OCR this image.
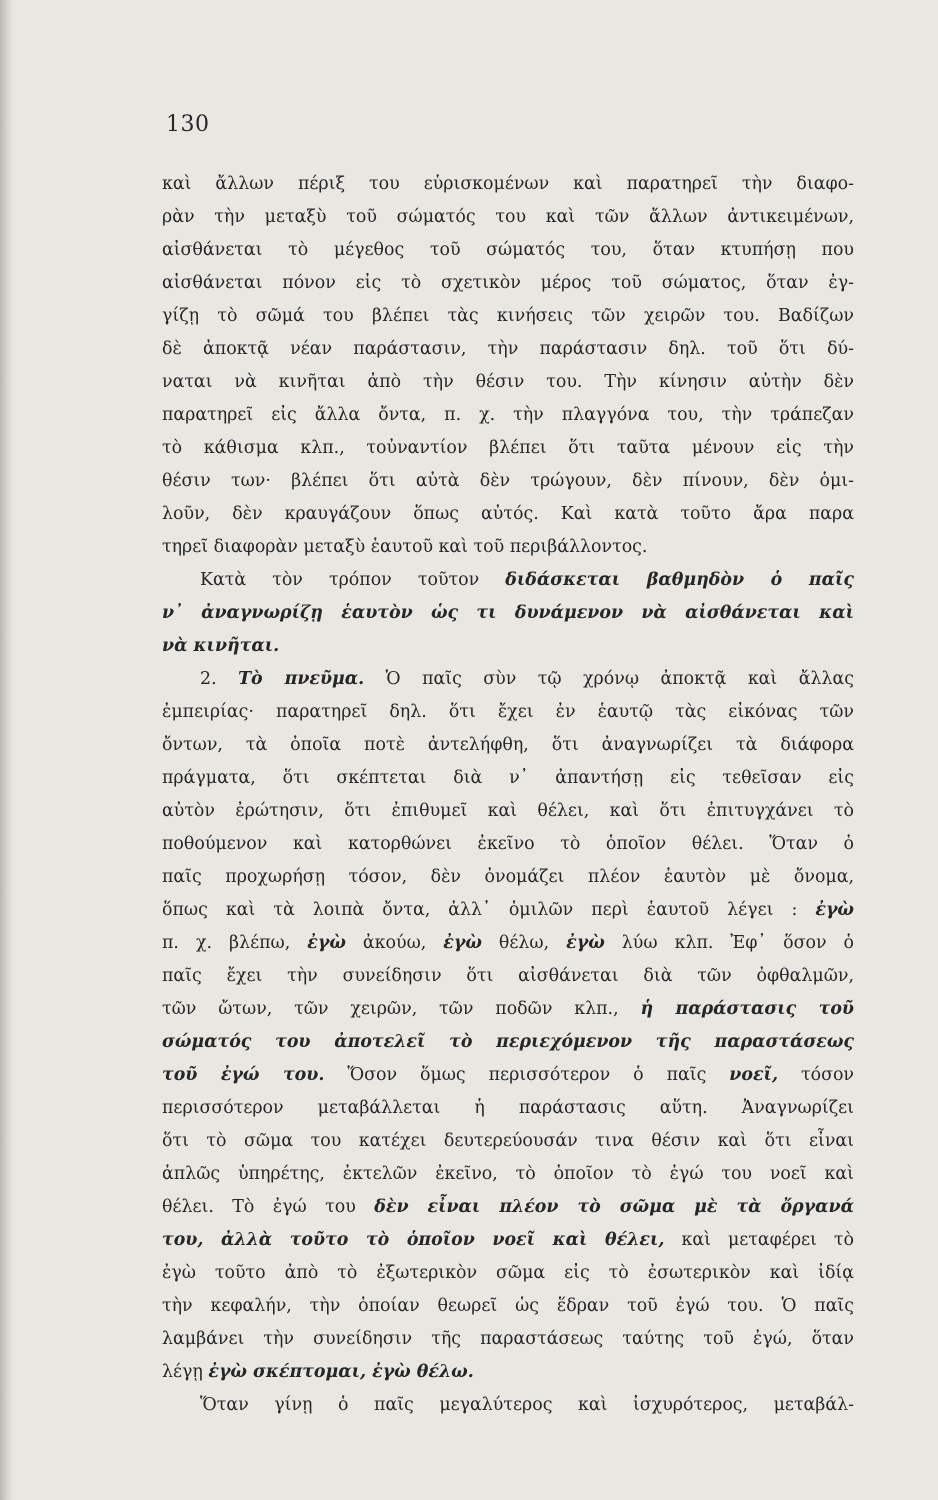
130
καὶ ἄλλων πέριξ του εὑρισκομένων καὶ παρατηρεῖ τὴν διαφο-
ρὰν τὴν μεταξὺ τοῦ σώματός του καὶ τῶν ἄλλων ἀντικειμένων,
αἰσθάνεται τὸ μέγεθος τοῦ σώματός του, ὅταν κτυπήσῃ που
αἰσθάνεται πόνον εἰς τὸ σχετικὸν μέρος τοῦ σώματος, ὅταν ἐγ-
γίζῃ τὸ σῶμά του βλέπει τὰς κινήσεις τῶν χειρῶν του. Βαδίζων
δὲ ἀποκτᾷ νέαν παράστασιν, τὴν παράστασιν δηλ. τοῦ ὅτι δύ-
ναται νὰ κινῆται ἀπὸ τὴν θέσιν του. Τὴν κίνησιν αὐτὴν δὲν
παρατηρεῖ εἰς ἄλλα ὄντα, π. χ. τὴν πλαγγόνα του, τὴν τράπεζαν
τὸ κάθισμα κλπ., τοὐναντίον βλέπει ὅτι ταῦτα μένουν εἰς τὴν
θέσιν των· βλέπει ὅτι αὐτὰ δὲν τρώγουν, δὲν πίνουν, δὲν ὁμι-
λοῦν, δὲν κραυγάζουν ὅπως αὐτός. Καὶ κατὰ τοῦτο ἄρα παρα
τηρεῖ διαφορὰν μεταξὺ ἑαυτοῦ καὶ τοῦ περιβάλλοντος.
Κατὰ τὸν τρόπον τοῦτον διδάσκεται βαθμηδὸν ὁ παῖς
ν᾿ ἀναγνωρίζῃ ἑαυτὸν ὡς τι δυνάμενον νὰ αἰσθάνεται καὶ
νὰ κινῆται.
2. Τὸ πνεῦμα. Ὁ παῖς σὺν τῷ χρόνῳ ἀποκτᾷ καὶ ἄλλας
ἐμπειρίας· παρατηρεῖ δηλ. ὅτι ἔχει ἐν ἑαυτῷ τὰς εἰκόνας τῶν
ὄντων, τὰ ὁποῖα ποτὲ ἀντελήφθη, ὅτι ἀναγνωρίζει τὰ διάφορα
πράγματα, ὅτι σκέπτεται διὰ ν᾿ ἀπαντήσῃ εἰς τεθεῖσαν εἰς
αὐτὸν ἐρώτησιν, ὅτι ἐπιθυμεῖ καὶ θέλει, καὶ ὅτι ἐπιτυγχάνει τὸ
ποθούμενον καὶ κατορθώνει ἐκεῖνο τὸ ὁποῖον θέλει. Ὅταν ὁ
παῖς προχωρήσῃ τόσον, δὲν ὀνομάζει πλέον ἑαυτὸν μὲ ὄνομα,
ὅπως καὶ τὰ λοιπὰ ὄντα, ἀλλ᾿ ὁμιλῶν περὶ ἑαυτοῦ λέγει : ἐγὼ
π. χ. βλέπω, ἐγὼ ἀκούω, ἐγὼ θέλω, ἐγὼ λύω κλπ. Ἐφ᾿ ὅσον ὁ
παῖς ἔχει τὴν συνείδησιν ὅτι αἰσθάνεται διὰ τῶν ὀφθαλμῶν,
τῶν ὤτων, τῶν χειρῶν, τῶν ποδῶν κλπ., ἡ παράστασις τοῦ
σώματός του ἀποτελεῖ τὸ περιεχόμενον τῆς παραστάσεως
τοῦ ἐγώ του. Ὅσον ὅμως περισσότερον ὁ παῖς νοεῖ, τόσον
περισσότερον μεταβάλλεται ἡ παράστασις αὕτη. Ἀναγνωρίζει
ὅτι τὸ σῶμα του κατέχει δευτερεύουσάν τινα θέσιν καὶ ὅτι εἶναι
ἁπλῶς ὑπηρέτης, ἐκτελῶν ἐκεῖνο, τὸ ὁποῖον τὸ ἐγώ του νοεῖ καὶ
θέλει. Τὸ ἐγώ του δὲν εἶναι πλέον τὸ σῶμα μὲ τὰ ὄργανά
του, ἀλλὰ τοῦτο τὸ ὁποῖον νοεῖ καὶ θέλει, καὶ μεταφέρει τὸ
ἐγὼ τοῦτο ἀπὸ τὸ ἐξωτερικὸν σῶμα εἰς τὸ ἐσωτερικὸν καὶ ἰδίᾳ
τὴν κεφαλήν, τὴν ὁποίαν θεωρεῖ ὡς ἕδραν τοῦ ἐγώ του. Ὁ παῖς
λαμβάνει τὴν συνείδησιν τῆς παραστάσεως ταύτης τοῦ ἐγώ, ὅταν
λέγῃ ἐγὼ σκέπτομαι, ἐγὼ θέλω.
Ὅταν γίνῃ ὁ παῖς μεγαλύτερος καὶ ἰσχυρότερος, μεταβάλ-
